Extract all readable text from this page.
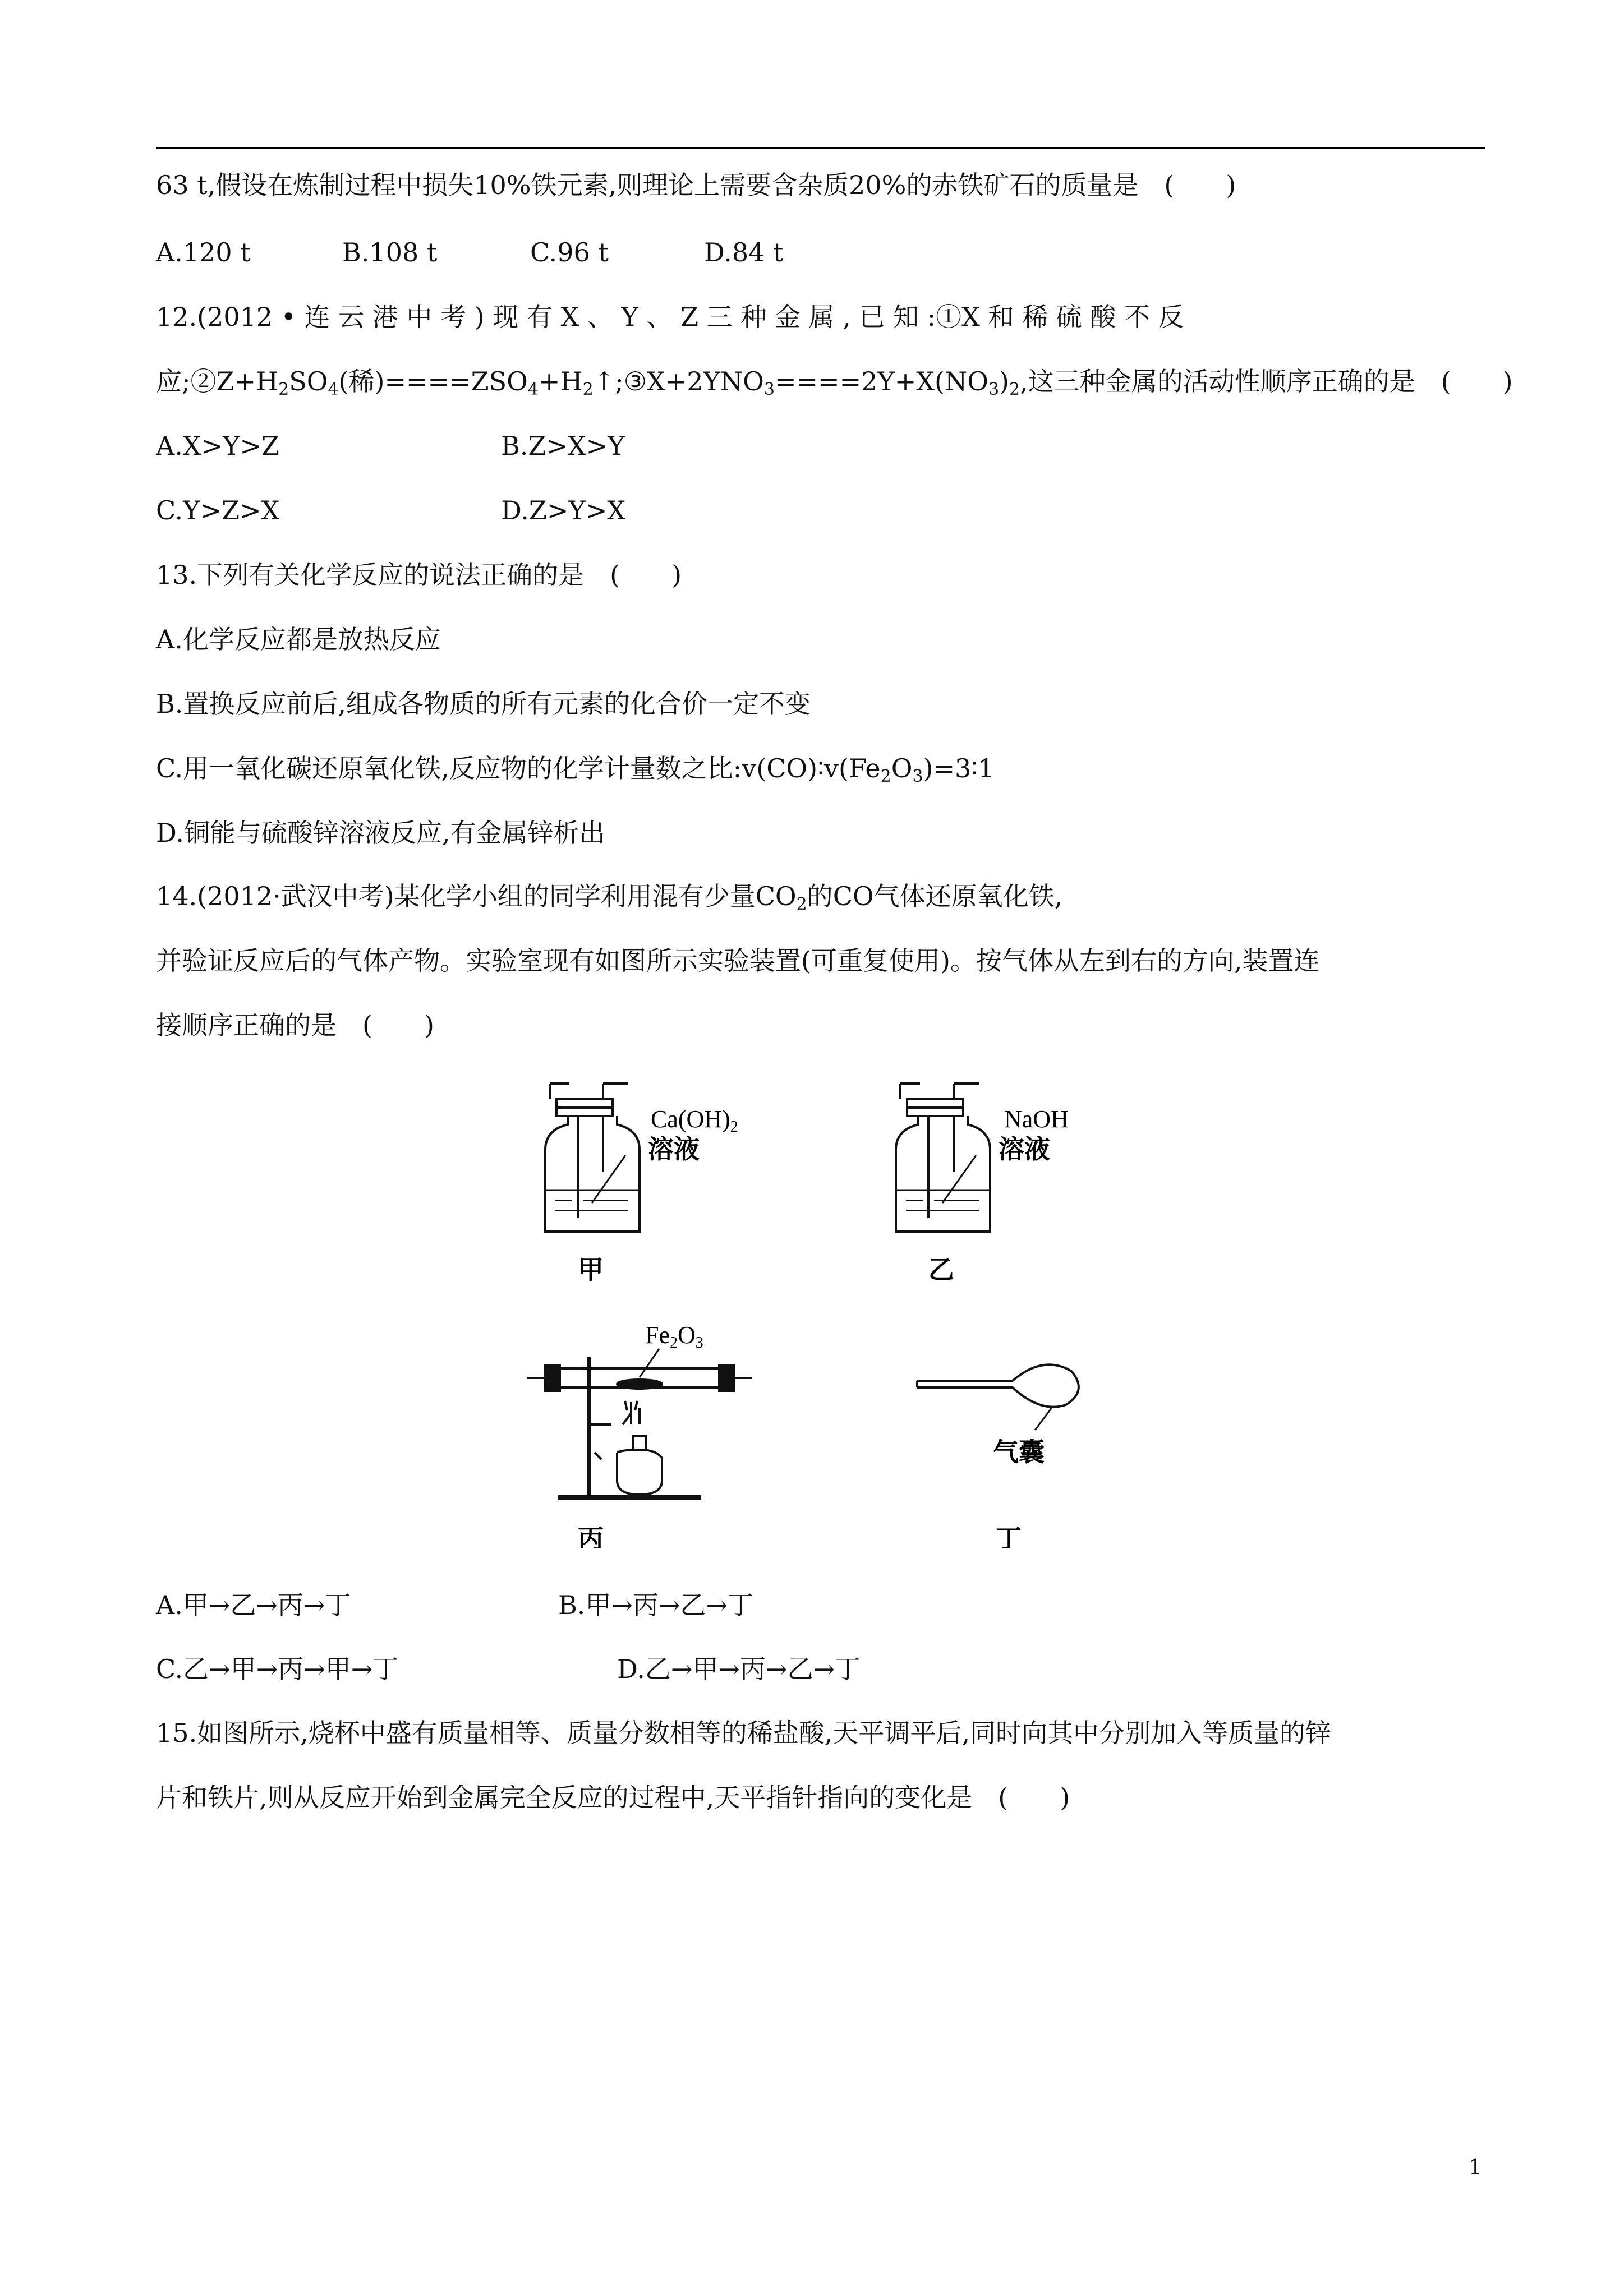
63 t,假设在炼制过程中损失10%铁元素,则理论上需要含杂质20%的赤铁矿石的质量是　(　　)
A.120 t	B.108 t	C.96 t	D.84 t
12.(2012 • 连 云 港 中 考 ) 现 有 X 、 Y 、 Z 三 种 金 属 , 已 知 :①X 和 稀 硫 酸 不 反
应$;②Z+H_2SO_4$(稀)$====ZSO_4+H_2↑;③X+2YNO_3====2Y+X(NO_3)_2$,这三种金属的活动性顺序正确的是　(　　)
A.X>Y>Z	B.Z>X>Y
C.Y>Z>X	D.Z>Y>X
13.下列有关化学反应的说法正确的是　(　　)
A.化学反应都是放热反应
B.置换反应前后,组成各物质的所有元素的化合价一定不变
C.用一氧化碳还原氧化铁,反应物的化学计量数之比$:v(CO)∶v(Fe_2O_3)=3∶1$
D.铜能与硫酸锌溶液反应,有金属锌析出
14.(2012·武汉中考)某化学小组的同学利用混有少量$CO_2$的CO气体还原氧化铁,
并验证反应后的气体产物。实验室现有如图所示实验装置(可重复使用)。按气体从左到右的方向,装置连
接顺序正确的是　(　　)
Ca(OH)2
溶液
甲
NaOH
溶液
乙
Fe2O3
丙
气囊
丁
A.甲→乙→丙→丁	B.甲→丙→乙→丁
C.乙→甲→丙→甲→丁	D.乙→甲→丙→乙→丁
15.如图所示,烧杯中盛有质量相等、质量分数相等的稀盐酸,天平调平后,同时向其中分别加入等质量的锌
片和铁片,则从反应开始到金属完全反应的过程中,天平指针指向的变化是　(　　)
1
